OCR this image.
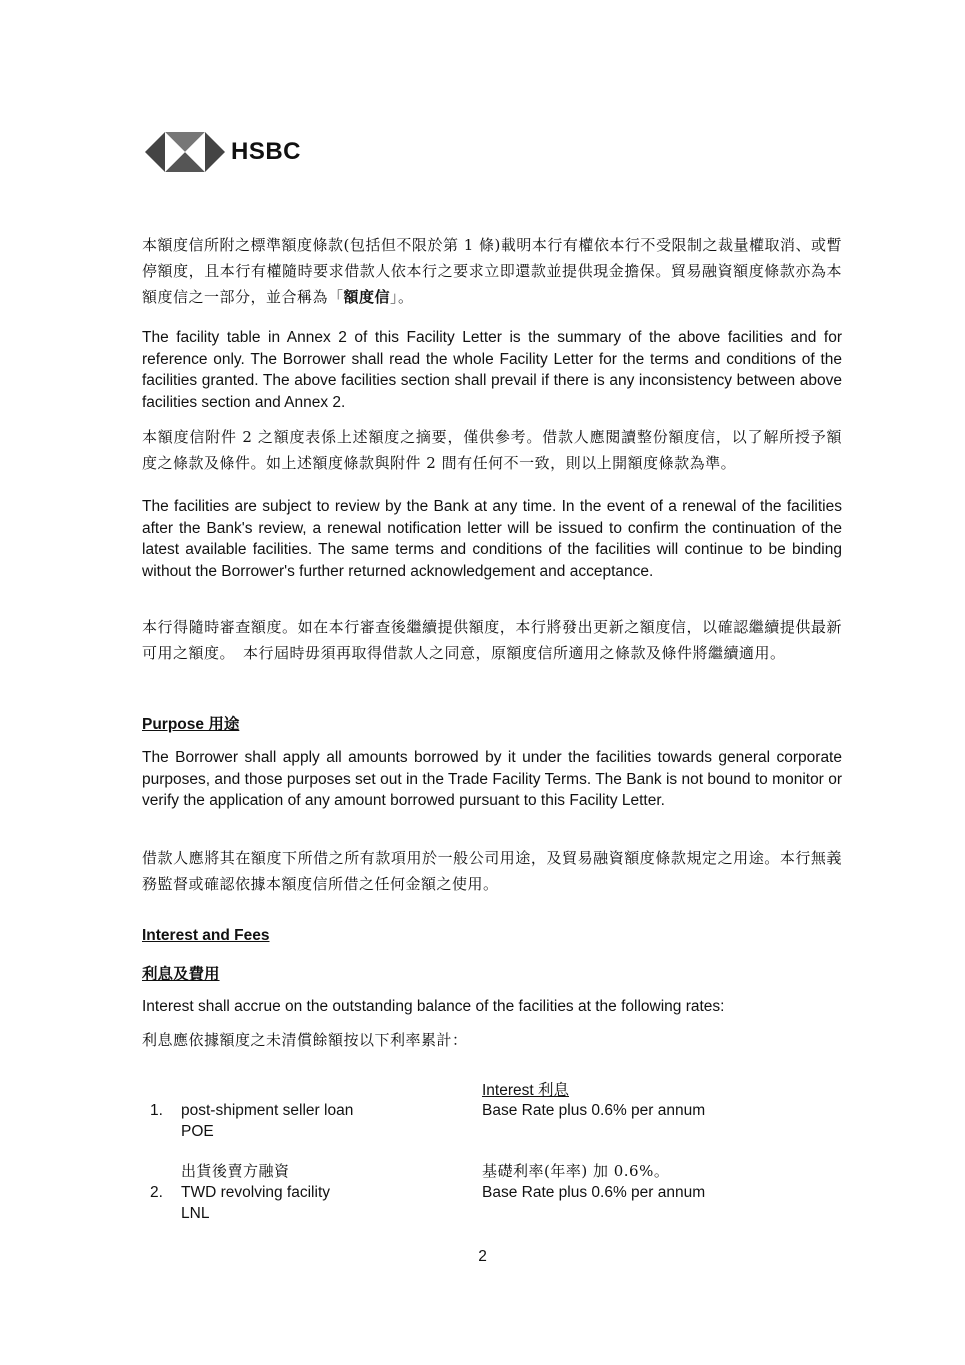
HSBC

本額度信所附之標準額度條款(包括但不限於第 1 條)載明本行有權依本行不受限制之裁量權取消、或暫停額度，且本行有權隨時要求借款人依本行之要求立即還款並提供現金擔保。貿易融資額度條款亦為本額度信之一部分，並合稱為「額度信」。

The facility table in Annex 2 of this Facility Letter is the summary of the above facilities and for reference only. The Borrower shall read the whole Facility Letter for the terms and conditions of the facilities granted. The above facilities section shall prevail if there is any inconsistency between above facilities section and Annex 2.

本額度信附件 2 之額度表係上述額度之摘要，僅供參考。借款人應閱讀整份額度信，以了解所授予額度之條款及條件。如上述額度條款與附件 2 間有任何不一致，則以上開額度條款為準。

The facilities are subject to review by the Bank at any time. In the event of a renewal of the facilities after the Bank's review, a renewal notification letter will be issued to confirm the continuation of the latest available facilities. The same terms and conditions of the facilities will continue to be binding without the Borrower's further returned acknowledgement and acceptance.

本行得隨時審查額度。如在本行審查後繼續提供額度，本行將發出更新之額度信，以確認繼續提供最新可用之額度。　本行屆時毋須再取得借款人之同意，原額度信所適用之條款及條件將繼續適用。

Purpose 用途

The Borrower shall apply all amounts borrowed by it under the facilities towards general corporate purposes, and those purposes set out in the Trade Facility Terms. The Bank is not bound to monitor or verify the application of any amount borrowed pursuant to this Facility Letter.

借款人應將其在額度下所借之所有款項用於一般公司用途，及貿易融資額度條款規定之用途。本行無義務監督或確認依據本額度信所借之任何金額之使用。

Interest and Fees

利息及費用

Interest shall accrue on the outstanding balance of the facilities at the following rates:

利息應依據額度之未清償餘額按以下利率累計：

Interest 利息
1. post-shipment seller loan
POE
Base Rate plus 0.6% per annum
出貨後賣方融資	基礎利率(年率) 加 0.6%。
2. TWD revolving facility
LNL
Base Rate plus 0.6% per annum
2
